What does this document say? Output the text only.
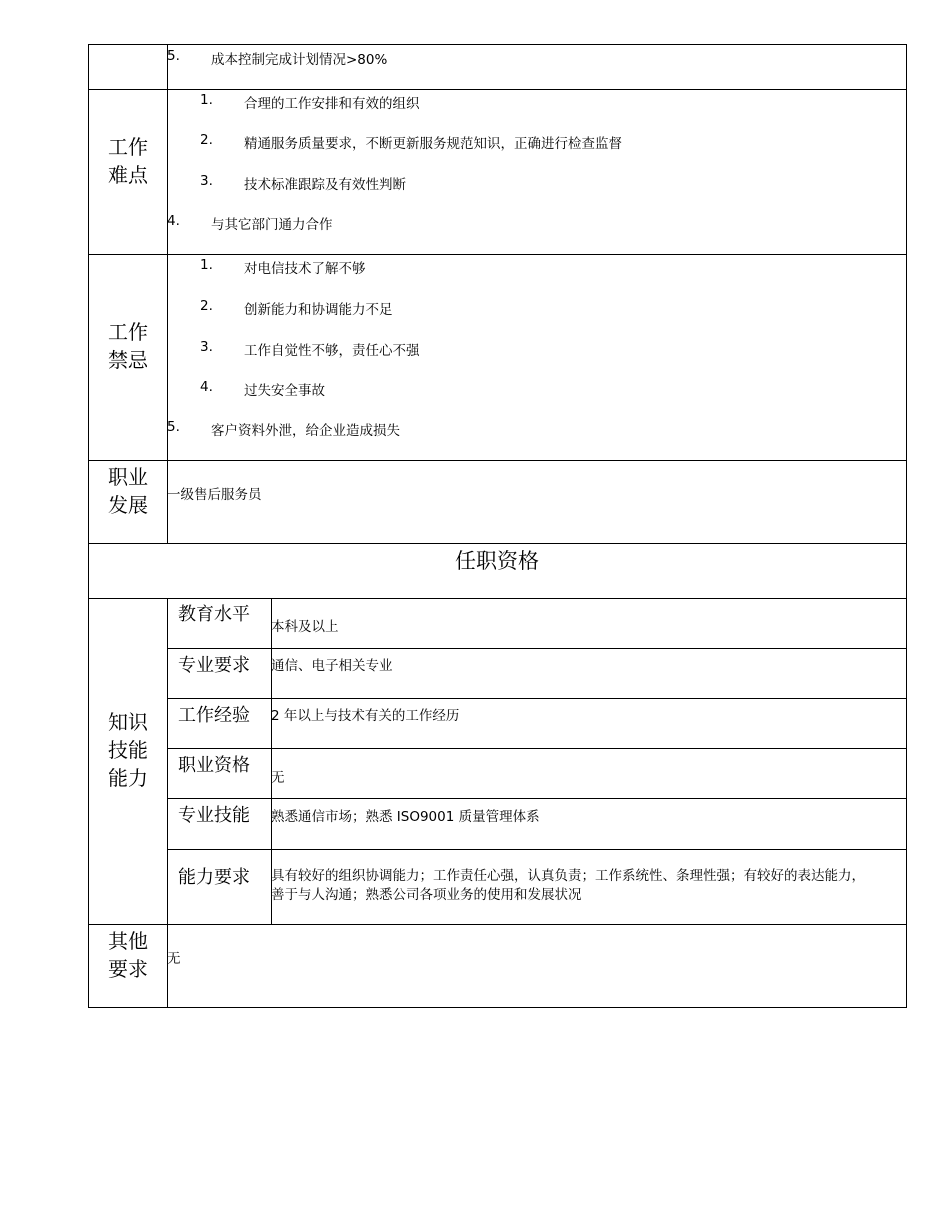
5. 成本控制完成计划情况>80%
工作
难点
1. 合理的工作安排和有效的组织
2. 精通服务质量要求，不断更新服务规范知识，正确进行检查监督
3. 技术标准跟踪及有效性判断
4. 与其它部门通力合作
工作
禁忌
1. 对电信技术了解不够
2. 创新能力和协调能力不足
3. 工作自觉性不够，责任心不强
4. 过失安全事故
5. 客户资料外泄，给企业造成损失
职业
发展	一级售后服务员
任职资格
知识
技能
能力
教育水平
本科及以上
专业要求 通信、电子相关专业
工作经验 2 年以上与技术有关的工作经历
职业资格
无
专业技能 熟悉通信市场；熟悉 ISO9001 质量管理体系
能力要求 具有较好的组织协调能力；工作责任心强，认真负责；工作系统性、条理性强；有较好的表达能力，
善于与人沟通；熟悉公司各项业务的使用和发展状况
其他
要求	无
